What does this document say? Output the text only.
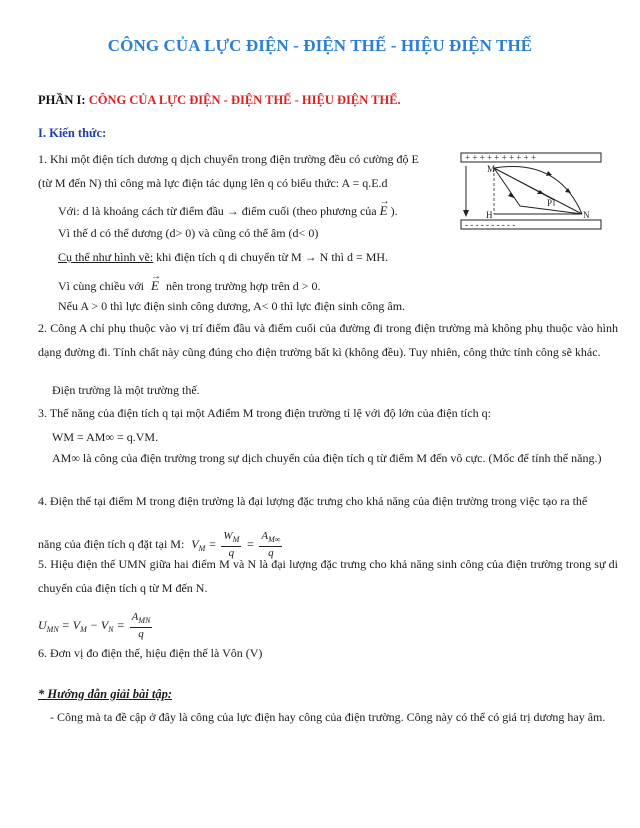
CÔNG CỦA LỰC ĐIỆN - ĐIỆN THẾ - HIỆU ĐIỆN THẾ
PHẦN I: CÔNG CỦA LỰC ĐIỆN - ĐIỆN THẾ - HIỆU ĐIỆN THẾ.
I. Kiến thức:
1. Khi một điện tích dương q dịch chuyển trong điện trường đều có cường độ E
(từ M đến N) thì công mà lực điện tác dụng lên q có biểu thức: A = q.E.d
Với: d là khoảng cách từ điểm đầu → điểm cuối (theo phương của
→
E ).
Vì thế d có thể dương (d> 0) và cũng có thể âm (d< 0)
Cụ thể như hình vẽ: khi điện tích q di chuyển từ M → N thì d = MH.
Vì cùng chiều với
→
E nên trong trường hợp trên d > 0.
Nếu A > 0 thì lực điện sinh công dương, A< 0 thì lực điện sinh công âm.
2. Công A chỉ phụ thuộc vào vị trí điểm đầu và điểm cuối của đường đi trong điện trường mà không phụ thuộc vào hình dạng đường đi. Tính chất này cũng đúng cho điện trường bất kì (không đều). Tuy nhiên, công thức tính công sẽ khác.
Điện trường là một trường thế.
3. Thế năng của điện tích q tại một Ađiểm M trong điện trường tỉ lệ với độ lớn của điện tích q:
WM = AM∞ = q.VM.
AM∞ là công của điện trường trong sự dịch chuyển của điện tích q từ điểm M đến vô cực. (Mốc để tính thế năng.)
4. Điện thế tại điểm M trong điện trường là đại lượng đặc trưng cho khả năng của điện trường trong việc tạo ra thế
năng của điện tích q đặt tại M: $V_M = \frac{W_M}{q} = \frac{A_{M\infty}}{q}$
5. Hiệu điện thế UMN giữa hai điểm M và N là đại lượng đặc trưng cho khả năng sinh công của điện trường trong sự di chuyển của điện tích q từ M đến N.
$U_{MN} = V_M - V_N = \frac{A_{MN}}{q}$
6. Đơn vị đo điện thế, hiệu điện thế là Vôn (V)
* Hướng dẫn giải bài tập:
- Công mà ta đề cập ở đây là công của lực điện hay công của điện trường. Công này có thể có giá trị dương hay âm.
+ + + + + + + + + +
- - - - - - - - - -
M
N
H
P
